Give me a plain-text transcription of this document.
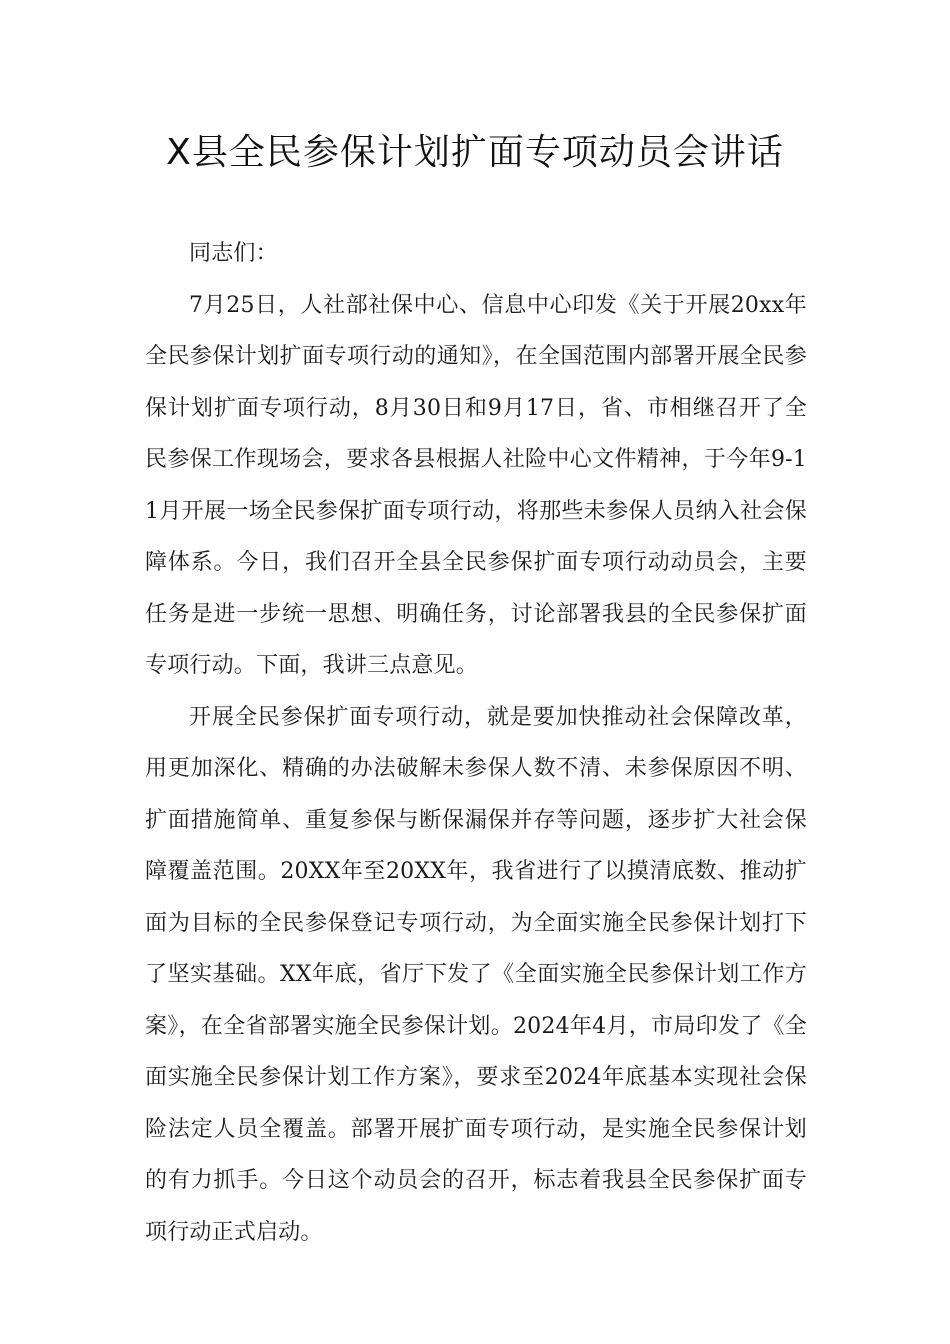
X县全民参保计划扩面专项动员会讲话

同志们：

7月25日，人社部社保中心、信息中心印发《关于开展20xx年全民参保计划扩面专项行动的通知》，在全国范围内部署开展全民参保计划扩面专项行动，8月30日和9月17日，省、市相继召开了全民参保工作现场会，要求各县根据人社险中心文件精神，于今年9-11月开展一场全民参保扩面专项行动，将那些未参保人员纳入社会保障体系。今日，我们召开全县全民参保扩面专项行动动员会，主要任务是进一步统一思想、明确任务，讨论部署我县的全民参保扩面专项行动。下面，我讲三点意见。

开展全民参保扩面专项行动，就是要加快推动社会保障改革，用更加深化、精确的办法破解未参保人数不清、未参保原因不明、扩面措施简单、重复参保与断保漏保并存等问题，逐步扩大社会保障覆盖范围。20XX年至20XX年，我省进行了以摸清底数、推动扩面为目标的全民参保登记专项行动，为全面实施全民参保计划打下了坚实基础。XX年底，省厅下发了《全面实施全民参保计划工作方案》，在全省部署实施全民参保计划。2024年4月，市局印发了《全面实施全民参保计划工作方案》，要求至2024年底基本实现社会保险法定人员全覆盖。部署开展扩面专项行动，是实施全民参保计划的有力抓手。今日这个动员会的召开，标志着我县全民参保扩面专项行动正式启动。
